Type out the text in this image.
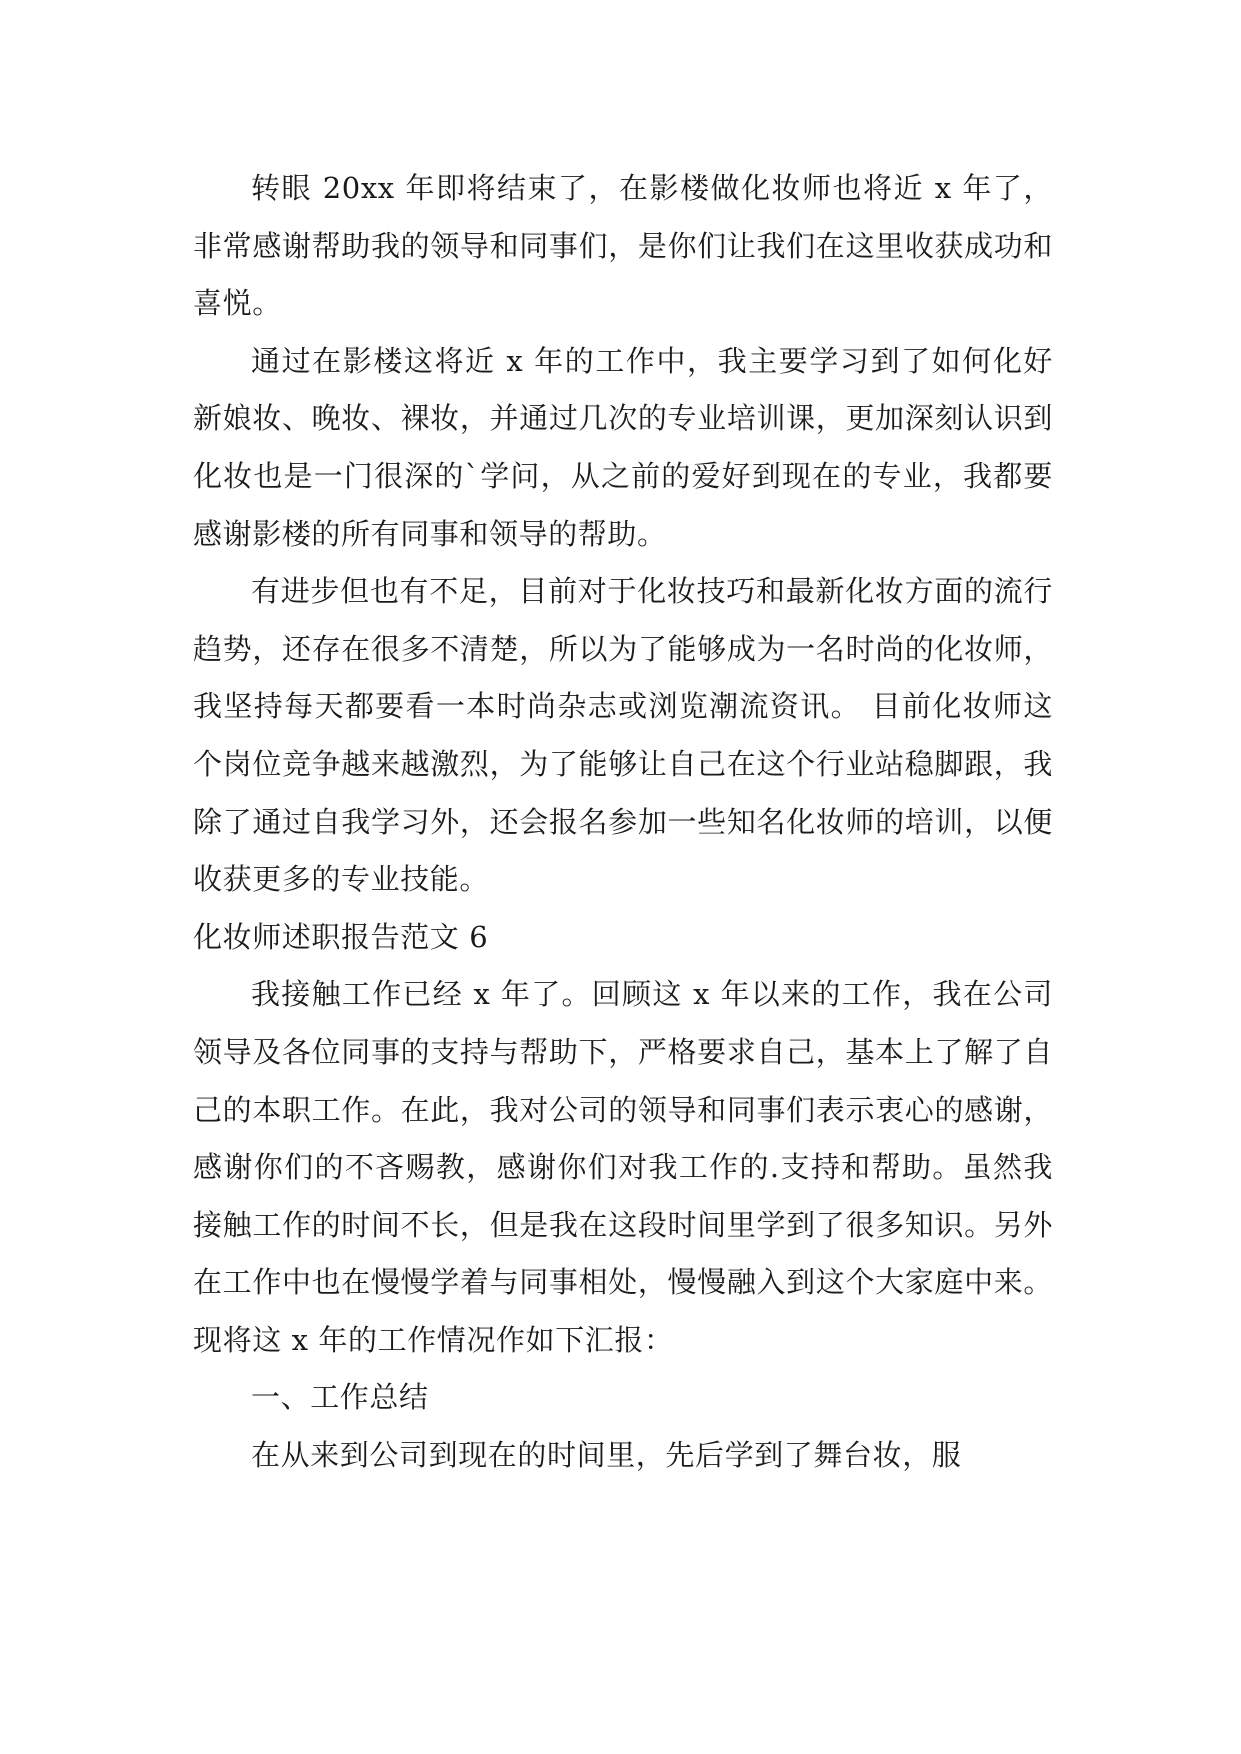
转眼 20xx 年即将结束了，在影楼做化妆师也将近 x 年了，非常感谢帮助我的领导和同事们，是你们让我们在这里收获成功和喜悦。

通过在影楼这将近 x 年的工作中，我主要学习到了如何化好新娘妆、晚妆、裸妆，并通过几次的专业培训课，更加深刻认识到化妆也是一门很深的`学问，从之前的爱好到现在的专业，我都要感谢影楼的所有同事和领导的帮助。

有进步但也有不足，目前对于化妆技巧和最新化妆方面的流行趋势，还存在很多不清楚，所以为了能够成为一名时尚的化妆师，我坚持每天都要看一本时尚杂志或浏览潮流资讯。 目前化妆师这个岗位竞争越来越激烈，为了能够让自己在这个行业站稳脚跟，我除了通过自我学习外，还会报名参加一些知名化妆师的培训，以便收获更多的专业技能。

化妆师述职报告范文 6

我接触工作已经 x 年了。回顾这 x 年以来的工作，我在公司领导及各位同事的支持与帮助下，严格要求自己，基本上了解了自己的本职工作。在此，我对公司的领导和同事们表示衷心的感谢，感谢你们的不吝赐教，感谢你们对我工作的.支持和帮助。虽然我接触工作的时间不长，但是我在这段时间里学到了很多知识。另外在工作中也在慢慢学着与同事相处，慢慢融入到这个大家庭中来。现将这 x 年的工作情况作如下汇报：

一、工作总结

在从来到公司到现在的时间里，先后学到了舞台妆，服
